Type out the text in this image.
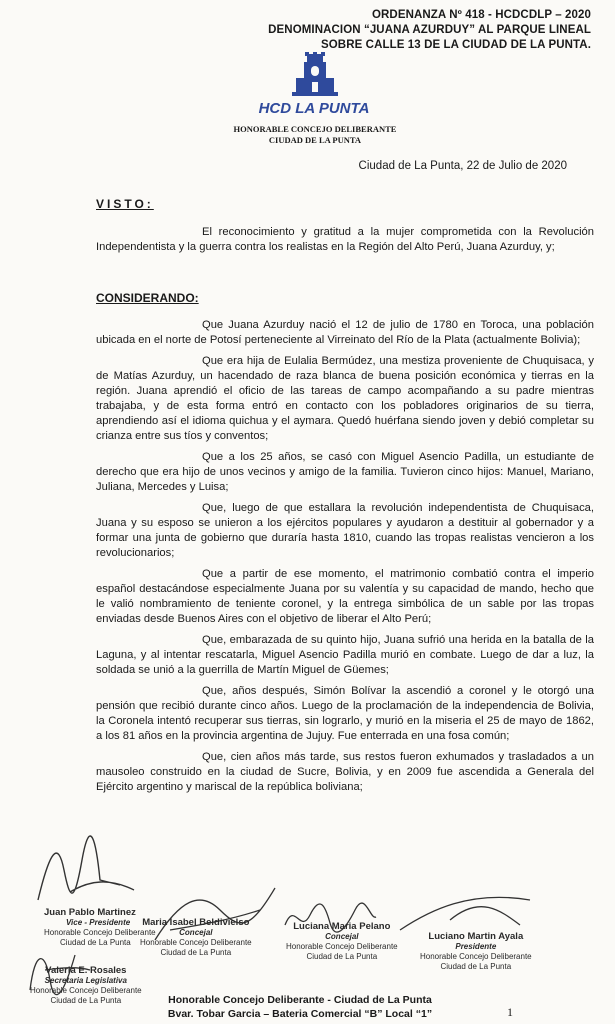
ORDENANZA Nº 418 - HCDCDLP – 2020
DENOMINACION “JUANA AZURDUY” AL PARQUE LINEAL
SOBRE CALLE 13 DE LA CIUDAD DE LA PUNTA.
HCD LA PUNTA
HONORABLE CONCEJO DELIBERANTE
CIUDAD DE LA PUNTA
Ciudad de La Punta, 22 de Julio de 2020
VISTO:

El reconocimiento y gratitud a la mujer comprometida con la Revolución Independentista y la guerra contra los realistas en la Región del Alto Perú, Juana Azurduy, y;

CONSIDERANDO:

Que Juana Azurduy nació el 12 de julio de 1780 en Toroca, una población ubicada en el norte de Potosí perteneciente al Virreinato del Río de la Plata (actualmente Bolivia);

Que era hija de Eulalia Bermúdez, una mestiza proveniente de Chuquisaca, y de Matías Azurduy, un hacendado de raza blanca de buena posición económica y tierras en la región. Juana aprendió el oficio de las tareas de campo acompañando a su padre mientras trabajaba, y de esta forma entró en contacto con los pobladores originarios de su tierra, aprendiendo así el idioma quichua y el aymara. Quedó huérfana siendo joven y debió completar su crianza entre sus tíos y conventos;

Que a los 25 años, se casó con Miguel Asencio Padilla, un estudiante de derecho que era hijo de unos vecinos y amigo de la familia. Tuvieron cinco hijos: Manuel, Mariano, Juliana, Mercedes y Luisa;

Que, luego de que estallara la revolución independentista de Chuquisaca, Juana y su esposo se unieron a los ejércitos populares y ayudaron a destituir al gobernador y a formar una junta de gobierno que duraría hasta 1810, cuando las tropas realistas vencieron a los revolucionarios;

Que a partir de ese momento, el matrimonio combatió contra el imperio español destacándose especialmente Juana por su valentía y su capacidad de mando, hecho que le valió nombramiento de teniente coronel, y la entrega simbólica de un sable por las tropas enviadas desde Buenos Aires con el objetivo de liberar el Alto Perú;

Que, embarazada de su quinto hijo, Juana sufrió una herida en la batalla de la Laguna, y al intentar rescatarla, Miguel Asencio Padilla murió en combate. Luego de dar a luz, la soldada se unió a la guerrilla de Martín Miguel de Güemes;

Que, años después, Simón Bolívar la ascendió a coronel y le otorgó una pensión que recibió durante cinco años. Luego de la proclamación de la independencia de Bolivia, la Coronela intentó recuperar sus tierras, sin lograrlo, y murió en la miseria el 25 de mayo de 1862, a los 81 años en la provincia argentina de Jujuy. Fue enterrada en una fosa común;

Que, cien años más tarde, sus restos fueron exhumados y trasladados a un mausoleo construido en la ciudad de Sucre, Bolivia, y en 2009 fue ascendida a Generala del Ejército argentino y mariscal de la república boliviana;

Juan Pablo Martinez
Vice - Presidente
Honorable Concejo Deliberante
Ciudad de La Punta
Maria Isabel Beldivielso
Concejal
Honorable Concejo Deliberante
Ciudad de La Punta
Luciana Maria Pelano
Concejal
Honorable Concejo Deliberante
Ciudad de La Punta
Luciano Martin Ayala
Presidente
Honorable Concejo Deliberante
Ciudad de La Punta
Valeria E. Rosales
Secretaria Legislativa
Honorable Concejo Deliberante
Ciudad de La Punta	Honorable Concejo Deliberante - Ciudad de La Punta
Bvar. Tobar Garcia – Bateria Comercial “B” Local “1”	1
